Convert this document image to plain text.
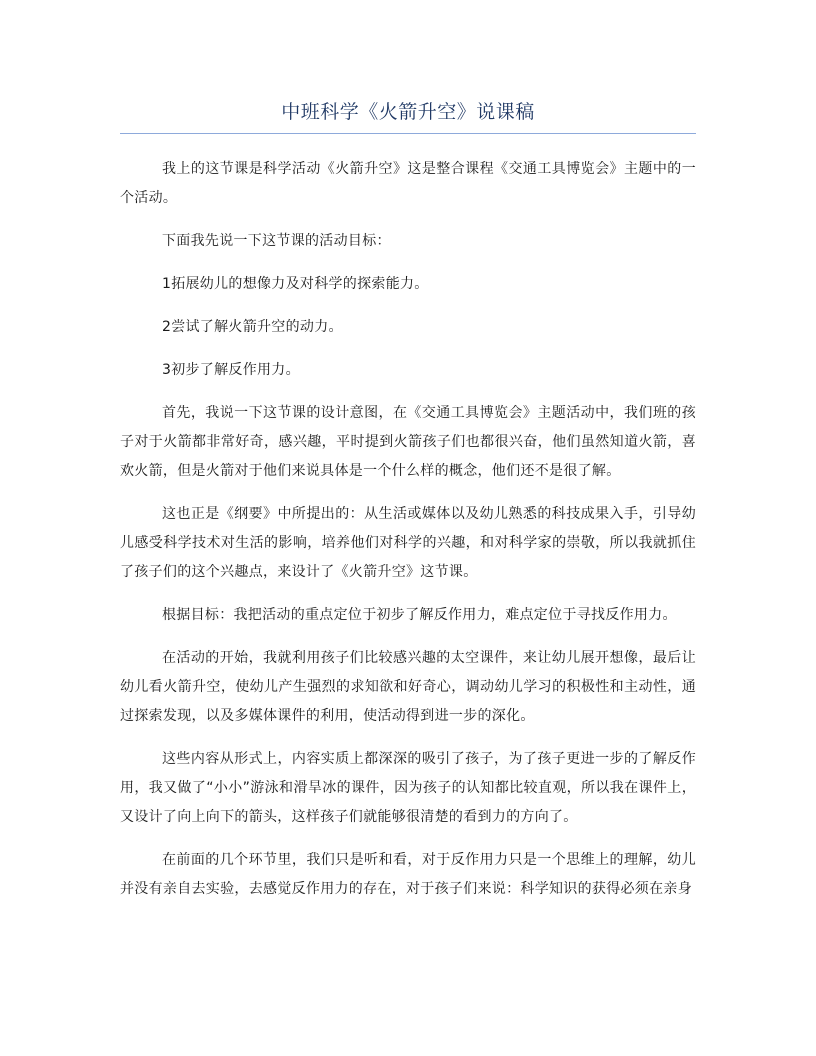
中班科学《火箭升空》说课稿

我上的这节课是科学活动《火箭升空》这是整合课程《交通工具博览会》主题中的一个活动。

下面我先说一下这节课的活动目标：

1拓展幼儿的想像力及对科学的探索能力。

2尝试了解火箭升空的动力。

3初步了解反作用力。

首先，我说一下这节课的设计意图，在《交通工具博览会》主题活动中，我们班的孩子对于火箭都非常好奇，感兴趣，平时提到火箭孩子们也都很兴奋，他们虽然知道火箭，喜欢火箭，但是火箭对于他们来说具体是一个什么样的概念，他们还不是很了解。

这也正是《纲要》中所提出的：从生活或媒体以及幼儿熟悉的科技成果入手，引导幼儿感受科学技术对生活的影响，培养他们对科学的兴趣，和对科学家的崇敬，所以我就抓住了孩子们的这个兴趣点，来设计了《火箭升空》这节课。

根据目标：我把活动的重点定位于初步了解反作用力，难点定位于寻找反作用力。

在活动的开始，我就利用孩子们比较感兴趣的太空课件，来让幼儿展开想像，最后让幼儿看火箭升空，使幼儿产生强烈的求知欲和好奇心，调动幼儿学习的积极性和主动性，通过探索发现，以及多媒体课件的利用，使活动得到进一步的深化。

这些内容从形式上，内容实质上都深深的吸引了孩子，为了孩子更进一步的了解反作用，我又做了“小小”游泳和滑旱冰的课件，因为孩子的认知都比较直观，所以我在课件上，又设计了向上向下的箭头，这样孩子们就能够很清楚的看到力的方向了。

在前面的几个环节里，我们只是听和看，对于反作用力只是一个思维上的理解，幼儿并没有亲自去实验，去感觉反作用力的存在，对于孩子们来说：科学知识的获得必须在亲身
